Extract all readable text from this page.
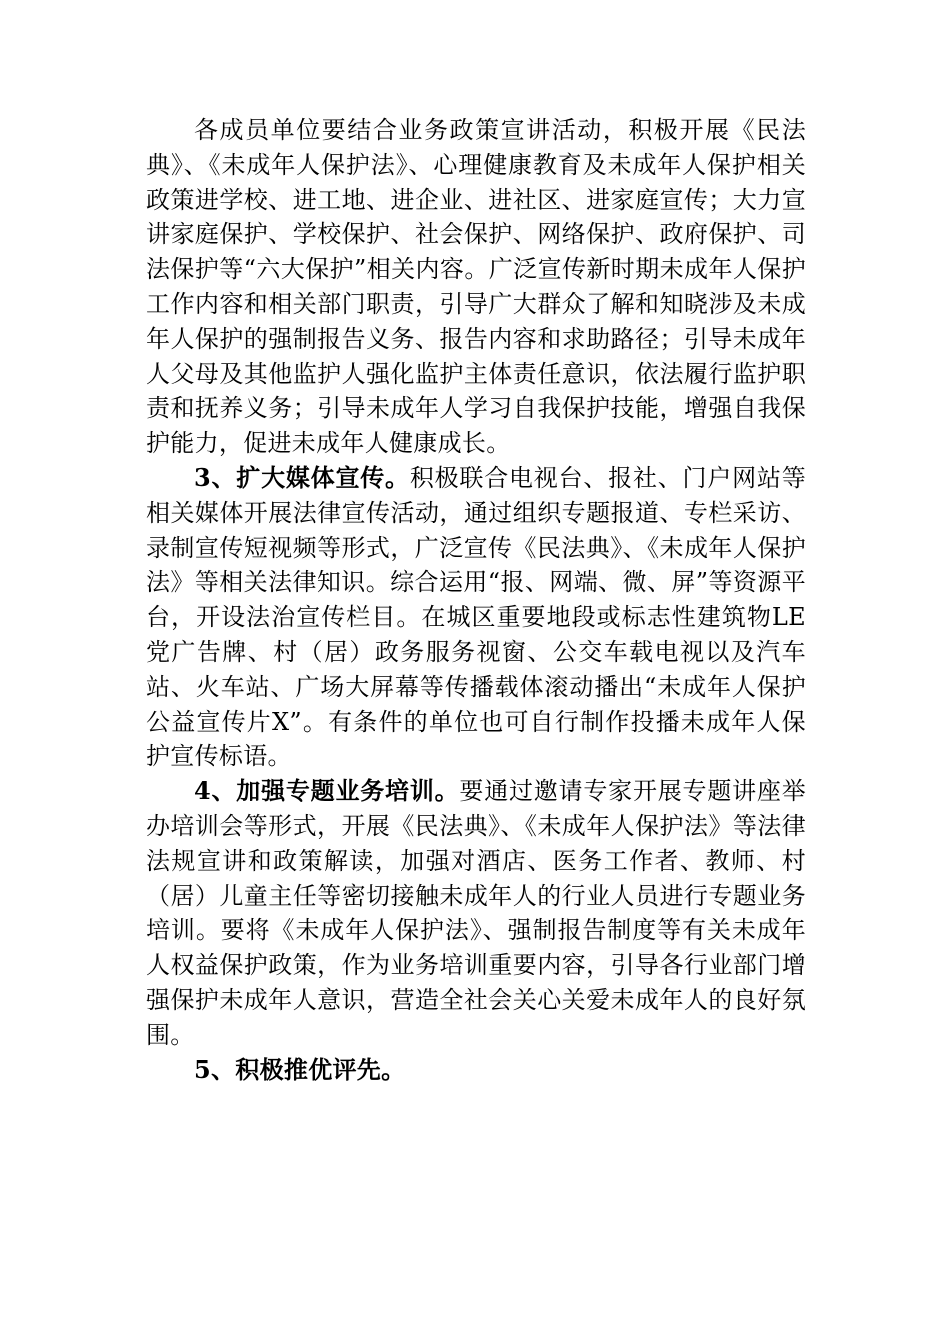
各成员单位要结合业务政策宣讲活动，积极开展《民法典》、《未成年人保护法》、心理健康教育及未成年人保护相关政策进学校、进工地、进企业、进社区、进家庭宣传；大力宣讲家庭保护、学校保护、社会保护、网络保护、政府保护、司法保护等“六大保护”相关内容。广泛宣传新时期未成年人保护工作内容和相关部门职责，引导广大群众了解和知晓涉及未成年人保护的强制报告义务、报告内容和求助路径；引导未成年人父母及其他监护人强化监护主体责任意识，依法履行监护职责和抚养义务；引导未成年人学习自我保护技能，增强自我保护能力，促进未成年人健康成长。

3、扩大媒体宣传。积极联合电视台、报社、门户网站等相关媒体开展法律宣传活动，通过组织专题报道、专栏采访、录制宣传短视频等形式，广泛宣传《民法典》、《未成年人保护法》等相关法律知识。综合运用“报、网端、微、屏”等资源平台，开设法治宣传栏目。在城区重要地段或标志性建筑物LE党广告牌、村（居）政务服务视窗、公交车载电视以及汽车站、火车站、广场大屏幕等传播载体滚动播出“未成年人保护公益宣传片X”。有条件的单位也可自行制作投播未成年人保护宣传标语。

4、加强专题业务培训。要通过邀请专家开展专题讲座举办培训会等形式，开展《民法典》、《未成年人保护法》等法律法规宣讲和政策解读，加强对酒店、医务工作者、教师、村（居）儿童主任等密切接触未成年人的行业人员进行专题业务培训。要将《未成年人保护法》、强制报告制度等有关未成年人权益保护政策，作为业务培训重要内容，引导各行业部门增强保护未成年人意识，营造全社会关心关爱未成年人的良好氛围。

5、积极推优评先。
